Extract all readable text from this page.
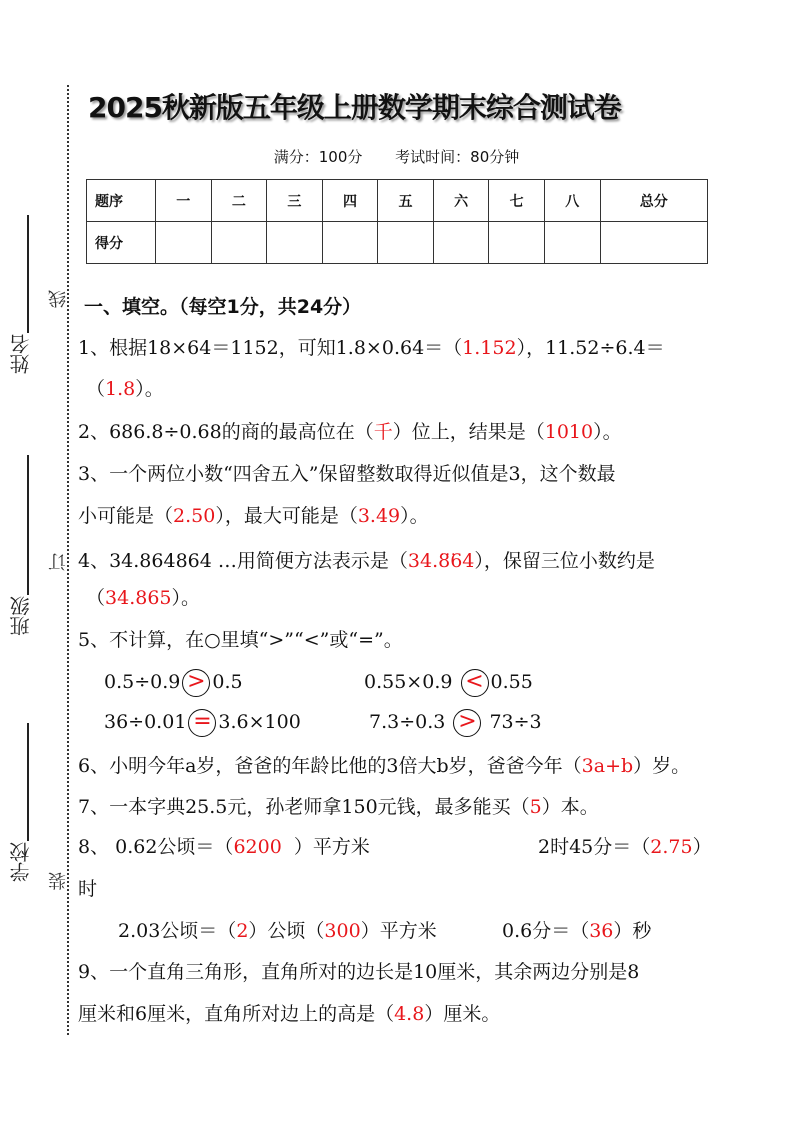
姓名
班级
学校
线
订
装
2025秋新版五年级上册数学期末综合测试卷
满分：100分 考试时间：80分钟
题序	一	二	三	四	五	六	七	八	总分
得分									
一、填空。（每空1分，共24分）
1、根据18×64＝1152，可知1.8×0.64＝（1.152），11.52÷6.4＝
（1.8）。
2、686.8÷0.68的商的最高位在（千）位上，结果是（1010）。
3、一个两位小数“四舍五入”保留整数取得近似值是3，这个数最
小可能是（2.50），最大可能是（3.49）。
4、34.864864 …用简便方法表示是（34.··· 864），保留三位小数约是
（34.865）。
5、不计算，在○里填“>”“<”或“=”。
0.5÷0.9 > 0.5	0.55×0.9 < 0.55
36÷0.01 = 3.6×100	7.3÷0.3 > 73÷3
6、小明今年a岁，爸爸的年龄比他的3倍大b岁，爸爸今年（3a+b）岁。
7、一本字典25.5元，孙老师拿150元钱，最多能买（5）本。
8、 0.62公顷＝（6200  ）平方米	2时45分＝（2.75）
时
2.03公顷＝（2）公顷（300）平方米	0.6分＝（36）秒
9、一个直角三角形，直角所对的边长是10厘米，其余两边分别是8
厘米和6厘米，直角所对边上的高是（4.8）厘米。
